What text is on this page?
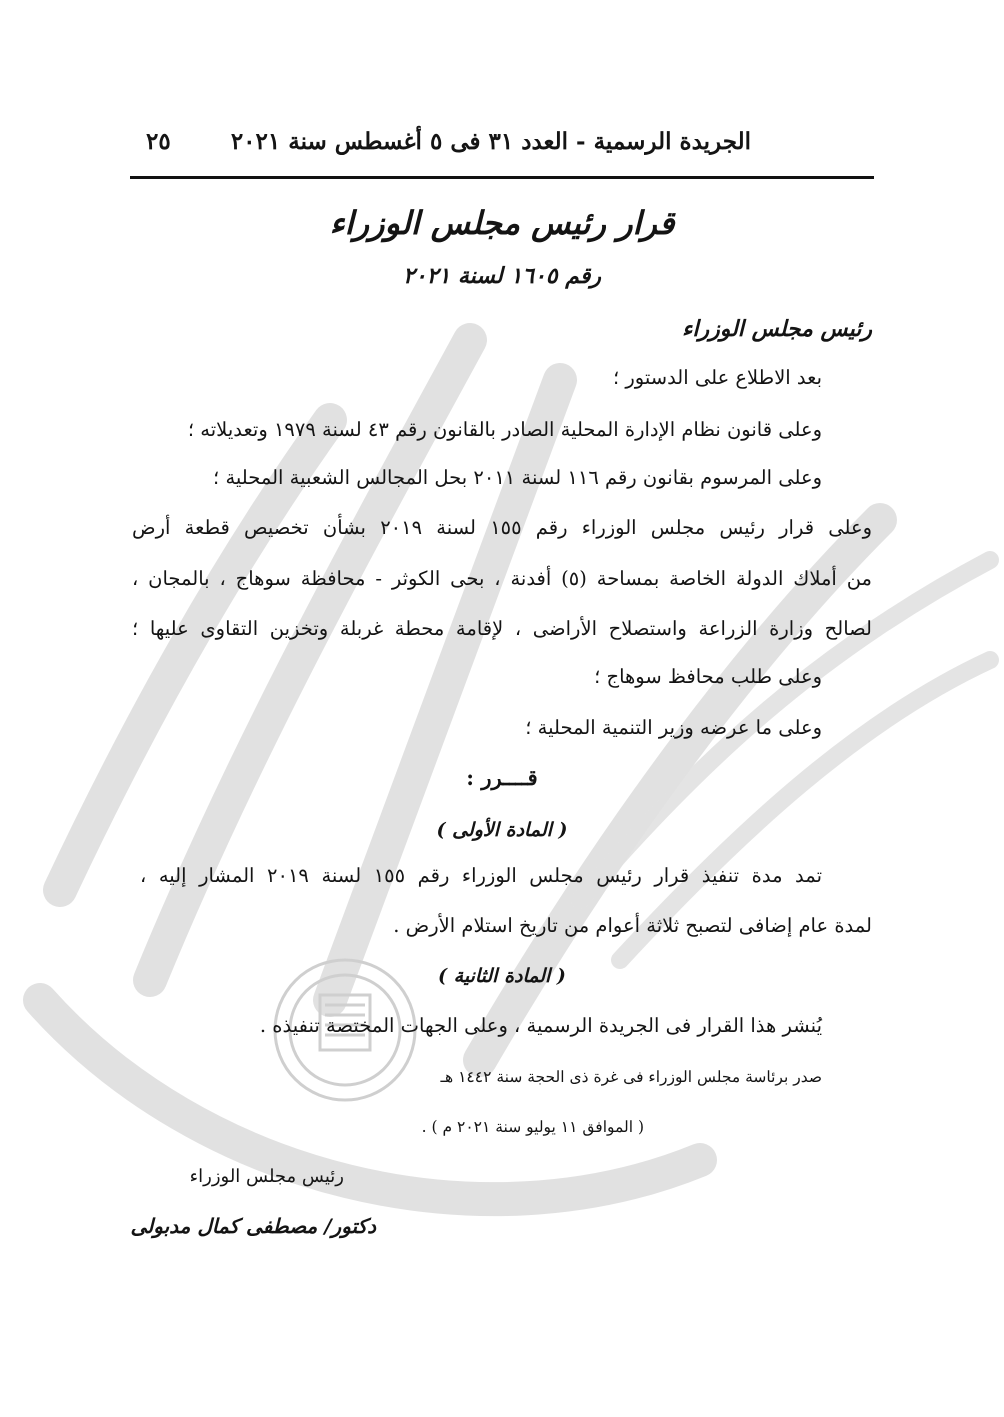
الجريدة الرسمية - العدد ٣١ فى ٥ أغسطس سنة ٢٠٢١
٢٥
قرار رئيس مجلس الوزراء
رقم ١٦٠٥ لسنة ٢٠٢١
رئيس مجلس الوزراء
بعد الاطلاع على الدستور ؛
وعلى قانون نظام الإدارة المحلية الصادر بالقانون رقم ٤٣ لسنة ١٩٧٩ وتعديلاته ؛
وعلى المرسوم بقانون رقم ١١٦ لسنة ٢٠١١ بحل المجالس الشعبية المحلية ؛
وعلى قرار رئيس مجلس الوزراء رقم ١٥٥ لسنة ٢٠١٩ بشأن تخصيص قطعة أرض
من أملاك الدولة الخاصة بمساحة (٥) أفدنة ، بحى الكوثر - محافظة سوهاج ، بالمجان ،
لصالح وزارة الزراعة واستصلاح الأراضى ، لإقامة محطة غربلة وتخزين التقاوى عليها ؛
وعلى طلب محافظ سوهاج ؛
وعلى ما عرضه وزير التنمية المحلية ؛
قــــرر :
( المادة الأولى )
تمد مدة تنفيذ قرار رئيس مجلس الوزراء رقم ١٥٥ لسنة ٢٠١٩ المشار إليه ،
لمدة عام إضافى لتصبح ثلاثة أعوام من تاريخ استلام الأرض .
( المادة الثانية )
يُنشر هذا القرار فى الجريدة الرسمية ، وعلى الجهات المختصة تنفيذه .
صدر برئاسة مجلس الوزراء فى غرة ذى الحجة سنة ١٤٤٢ هـ
( الموافق ١١ يوليو سنة ٢٠٢١ م ) .
رئيس مجلس الوزراء
دكتور/ مصطفى كمال مدبولى
